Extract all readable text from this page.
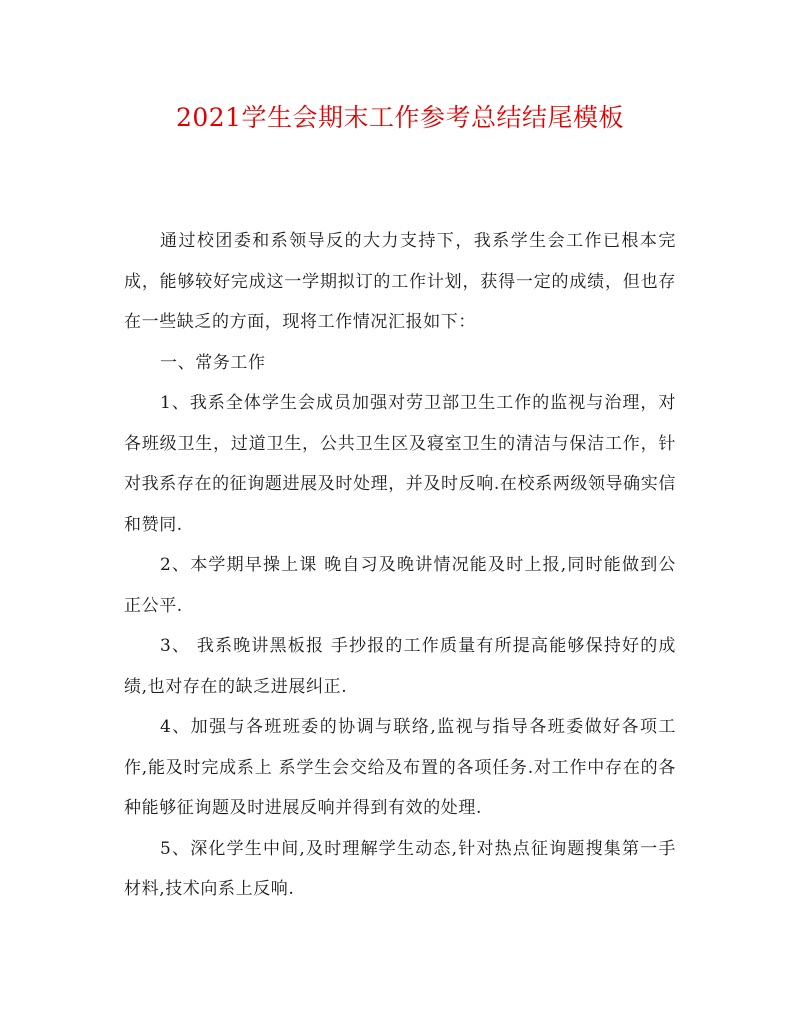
2021学生会期末工作参考总结结尾模板

通过校团委和系领导反的大力支持下，我系学生会工作已根本完成，能够较好完成这一学期拟订的工作计划，获得一定的成绩，但也存在一些缺乏的方面，现将工作情况汇报如下：

一、常务工作

1、我系全体学生会成员加强对劳卫部卫生工作的监视与治理，对各班级卫生，过道卫生，公共卫生区及寝室卫生的清洁与保洁工作，针对我系存在的征询题进展及时处理，并及时反响.在校系两级领导确实信和赞同.

2、本学期早操上课 晚自习及晚讲情况能及时上报,同时能做到公正公平.

3、 我系晚讲黑板报 手抄报的工作质量有所提高能够保持好的成绩,也对存在的缺乏进展纠正.

4、加强与各班班委的协调与联络,监视与指导各班委做好各项工作,能及时完成系上 系学生会交给及布置的各项任务.对工作中存在的各种能够征询题及时进展反响并得到有效的处理.

5、深化学生中间,及时理解学生动态,针对热点征询题搜集第一手材料,技术向系上反响.
